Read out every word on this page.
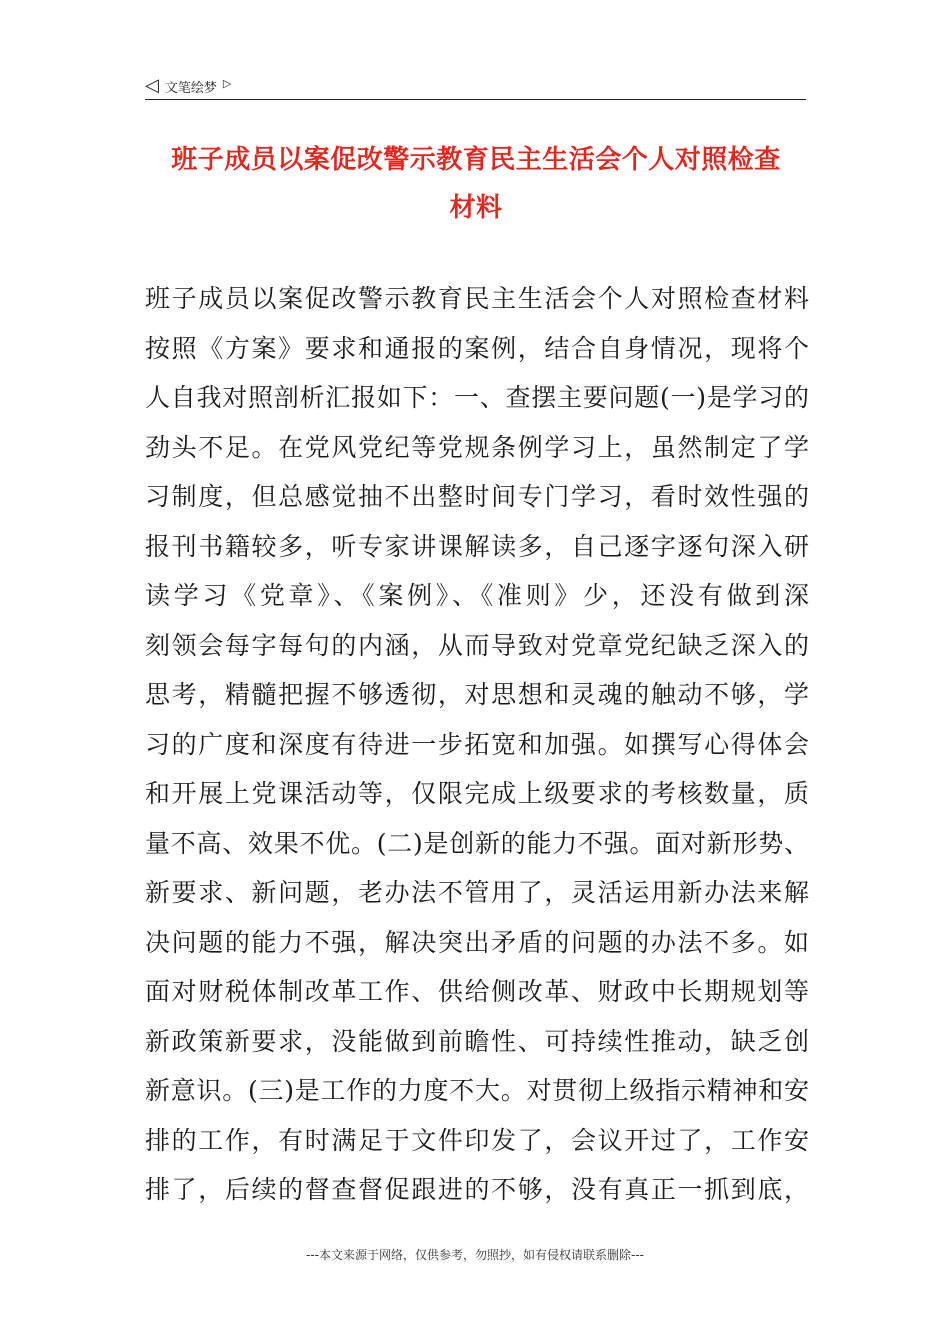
◁ 文笔绘梦 ▷
班子成员以案促改警示教育民主生活会个人对照检查
材料
班子成员以案促改警示教育民主生活会个人对照检查材料
按照《方案》要求和通报的案例，结合自身情况，现将个
人自我对照剖析汇报如下：一、查摆主要问题(一)是学习的
劲头不足。在党风党纪等党规条例学习上，虽然制定了学
习制度，但总感觉抽不出整时间专门学习，看时效性强的
报刊书籍较多，听专家讲课解读多，自己逐字逐句深入研
读学习《党章》、《案例》、《准则》少，还没有做到深
刻领会每字每句的内涵，从而导致对党章党纪缺乏深入的
思考，精髓把握不够透彻，对思想和灵魂的触动不够，学
习的广度和深度有待进一步拓宽和加强。如撰写心得体会
和开展上党课活动等，仅限完成上级要求的考核数量，质
量不高、效果不优。(二)是创新的能力不强。面对新形势、
新要求、新问题，老办法不管用了，灵活运用新办法来解
决问题的能力不强，解决突出矛盾的问题的办法不多。如
面对财税体制改革工作、供给侧改革、财政中长期规划等
新政策新要求，没能做到前瞻性、可持续性推动，缺乏创
新意识。(三)是工作的力度不大。对贯彻上级指示精神和安
排的工作，有时满足于文件印发了，会议开过了，工作安
排了，后续的督查督促跟进的不够，没有真正一抓到底，
---本文来源于网络，仅供参考，勿照抄，如有侵权请联系删除---
